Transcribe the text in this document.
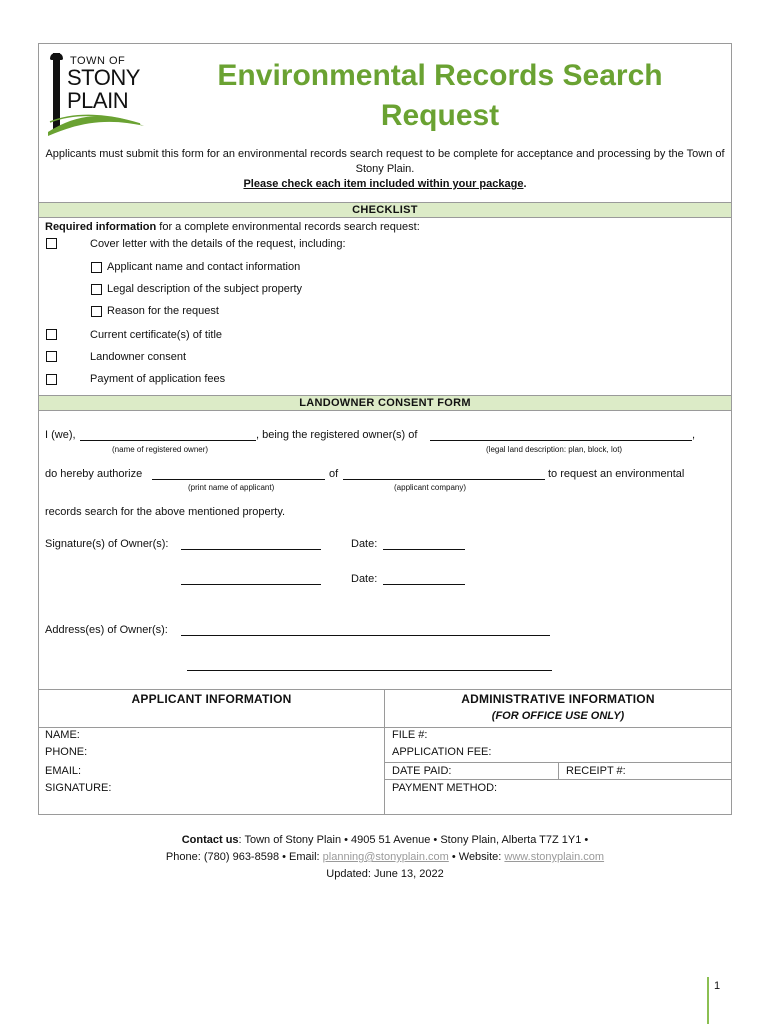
TOWN OF
STONY
PLAIN
Environmental Records Search
Request
Applicants must submit this form for an environmental records search request to be complete for acceptance and processing by the Town of Stony Plain.
Please check each item included within your package.
CHECKLIST
Required information for a complete environmental records search request:
Cover letter with the details of the request, including:
Applicant name and contact information
Legal description of the subject property
Reason for the request
Current certificate(s) of title
Landowner consent
Payment of application fees
LANDOWNER CONSENT FORM
I (we),	, being the registered owner(s) of	,
(name of registered owner)	(legal land description: plan, block, lot)
do hereby authorize	of	to request an environmental
(print name of applicant)	(applicant company)
records search for the above mentioned property.
Signature(s) of Owner(s):	Date:
Date:
Address(es) of Owner(s):
APPLICANT INFORMATION	ADMINISTRATIVE INFORMATION
(FOR OFFICE USE ONLY)
NAME:
PHONE:
EMAIL:
SIGNATURE:
FILE #:
APPLICATION FEE:
DATE PAID:	RECEIPT #:
PAYMENT METHOD:
Contact us: Town of Stony Plain • 4905 51 Avenue • Stony Plain, Alberta T7Z 1Y1 •
Phone: (780) 963-8598 • Email: planning@stonyplain.com • Website: www.stonyplain.com
Updated: June 13, 2022
1
